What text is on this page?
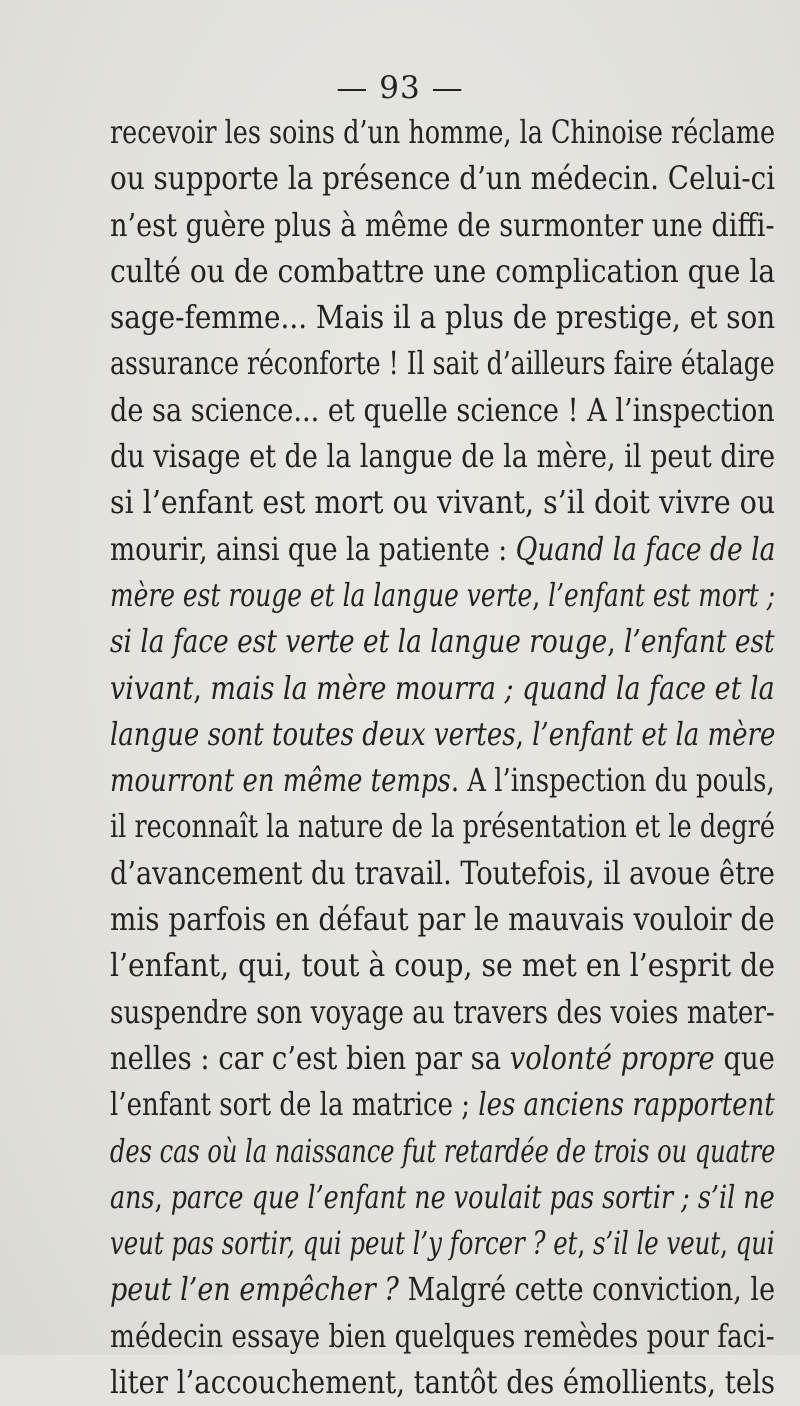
— 93 —
recevoir les soins d’un homme, la Chinoise réclame
ou supporte la présence d’un médecin. Celui-ci
n’est guère plus à même de surmonter une diffi-
culté ou de combattre une complication que la
sage-femme... Mais il a plus de prestige, et son
assurance réconforte ! Il sait d’ailleurs faire étalage
de sa science... et quelle science ! A l’inspection
du visage et de la langue de la mère, il peut dire
si l’enfant est mort ou vivant, s’il doit vivre ou
mourir, ainsi que la patiente : Quand la face de la
mère est rouge et la langue verte, l’enfant est mort ;
si la face est verte et la langue rouge, l’enfant est
vivant, mais la mère mourra ; quand la face et la
langue sont toutes deux vertes, l’enfant et la mère
mourront en même temps. A l’inspection du pouls,
il reconnaît la nature de la présentation et le degré
d’avancement du travail. Toutefois, il avoue être
mis parfois en défaut par le mauvais vouloir de
l’enfant, qui, tout à coup, se met en l’esprit de
suspendre son voyage au travers des voies mater-
nelles : car c’est bien par sa volonté propre que
l’enfant sort de la matrice ; les anciens rapportent
des cas où la naissance fut retardée de trois ou quatre
ans, parce que l’enfant ne voulait pas sortir ; s’il ne
veut pas sortir, qui peut l’y forcer ? et, s’il le veut, qui
peut l’en empêcher ? Malgré cette conviction, le
médecin essaye bien quelques remèdes pour faci-
liter l’accouchement, tantôt des émollients, tels
